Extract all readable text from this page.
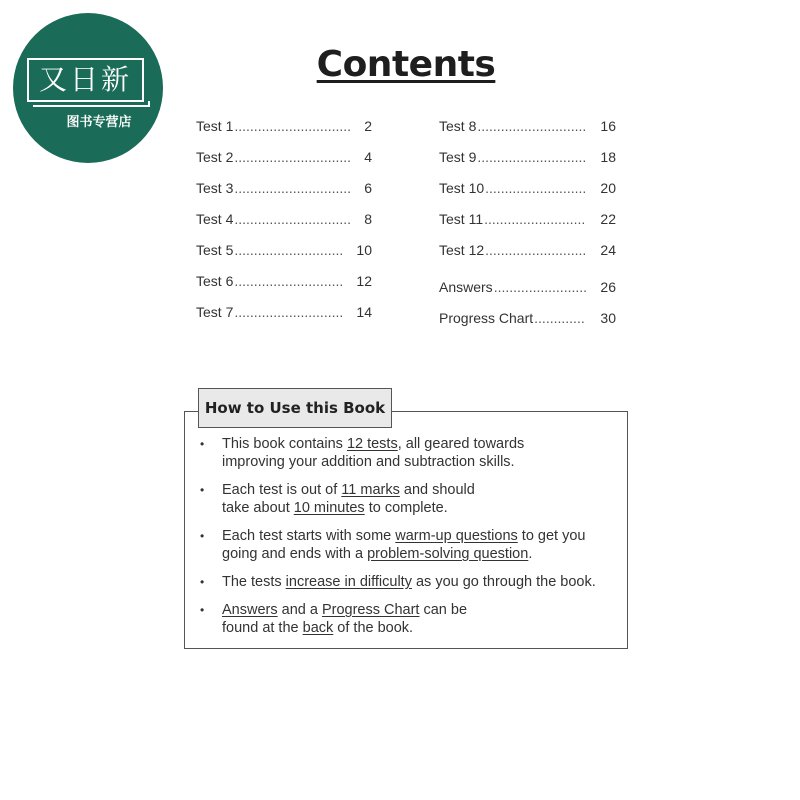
又日新
图书专营店
Contents
Test 1 .............................. 2
Test 2 .............................. 4
Test 3 .............................. 6
Test 4 .............................. 8
Test 5 ............................ 10
Test 6 ............................ 12
Test 7 ............................ 14
Test 8 ............................	16
Test 9 ............................	18
Test 10 ..........................	20
Test 11 ..........................	22
Test 12 ..........................	24
Answers ........................ 26
Progress Chart .............	30
How to Use this Book
• This book contains 12 tests, all geared towards
improving your addition and subtraction skills.
• Each test is out of 11 marks and should
take about 10 minutes to complete.
• Each test starts with some warm-up questions to get you
going and ends with a problem-solving question.
• The tests increase in difficulty as you go through the book.
• Answers and a Progress Chart can be
found at the back of the book.
